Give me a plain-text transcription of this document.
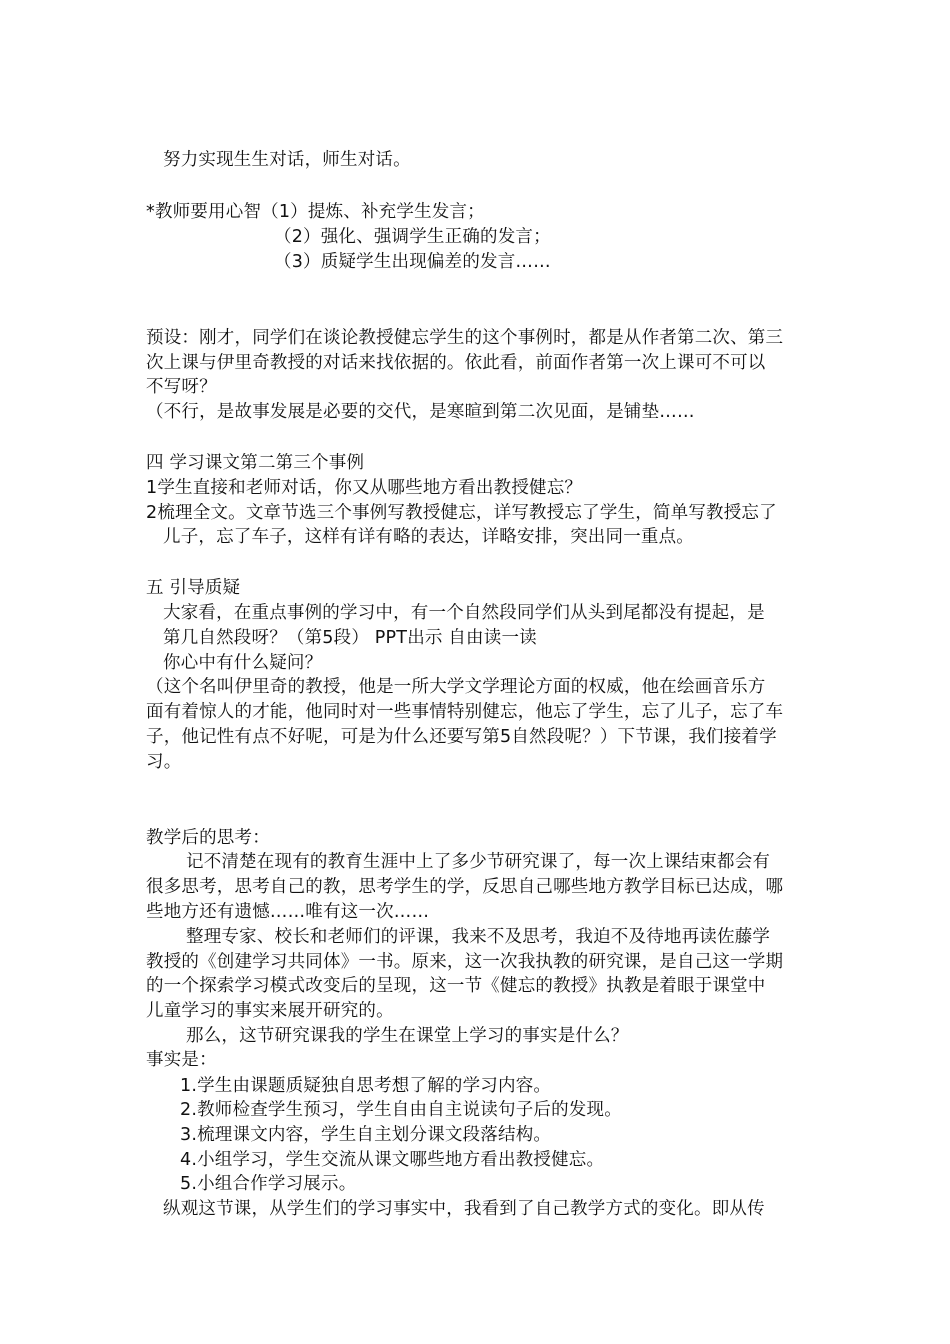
努力实现生生对话，师生对话。
*教师要用心智（1）提炼、补充学生发言；
（2）强化、强调学生正确的发言；
（3）质疑学生出现偏差的发言……
预设：刚才，同学们在谈论教授健忘学生的这个事例时，都是从作者第二次、第三
次上课与伊里奇教授的对话来找依据的。依此看，前面作者第一次上课可不可以
不写呀？
（不行，是故事发展是必要的交代，是寒暄到第二次见面，是铺垫……
四 学习课文第二第三个事例
1学生直接和老师对话，你又从哪些地方看出教授健忘？
2梳理全文。文章节选三个事例写教授健忘，详写教授忘了学生，简单写教授忘了
儿子，忘了车子，这样有详有略的表达，详略安排，突出同一重点。
五 引导质疑
大家看，在重点事例的学习中，有一个自然段同学们从头到尾都没有提起，是
第几自然段呀？（第5段） PPT出示 自由读一读
你心中有什么疑问？
（这个名叫伊里奇的教授，他是一所大学文学理论方面的权威，他在绘画音乐方
面有着惊人的才能，他同时对一些事情特别健忘，他忘了学生，忘了儿子，忘了车
子，他记性有点不好呢，可是为什么还要写第5自然段呢？）下节课，我们接着学
习。
教学后的思考：
记不清楚在现有的教育生涯中上了多少节研究课了，每一次上课结束都会有
很多思考，思考自己的教，思考学生的学，反思自己哪些地方教学目标已达成，哪
些地方还有遗憾……唯有这一次……
整理专家、校长和老师们的评课，我来不及思考，我迫不及待地再读佐藤学
教授的《创建学习共同体》一书。原来，这一次我执教的研究课，是自己这一学期
的一个探索学习模式改变后的呈现，这一节《健忘的教授》执教是着眼于课堂中
儿童学习的事实来展开研究的。
那么，这节研究课我的学生在课堂上学习的事实是什么？
事实是：
1.学生由课题质疑独自思考想了解的学习内容。
2.教师检查学生预习，学生自由自主说读句子后的发现。
3.梳理课文内容，学生自主划分课文段落结构。
4.小组学习，学生交流从课文哪些地方看出教授健忘。
5.小组合作学习展示。
纵观这节课，从学生们的学习事实中，我看到了自己教学方式的变化。即从传
